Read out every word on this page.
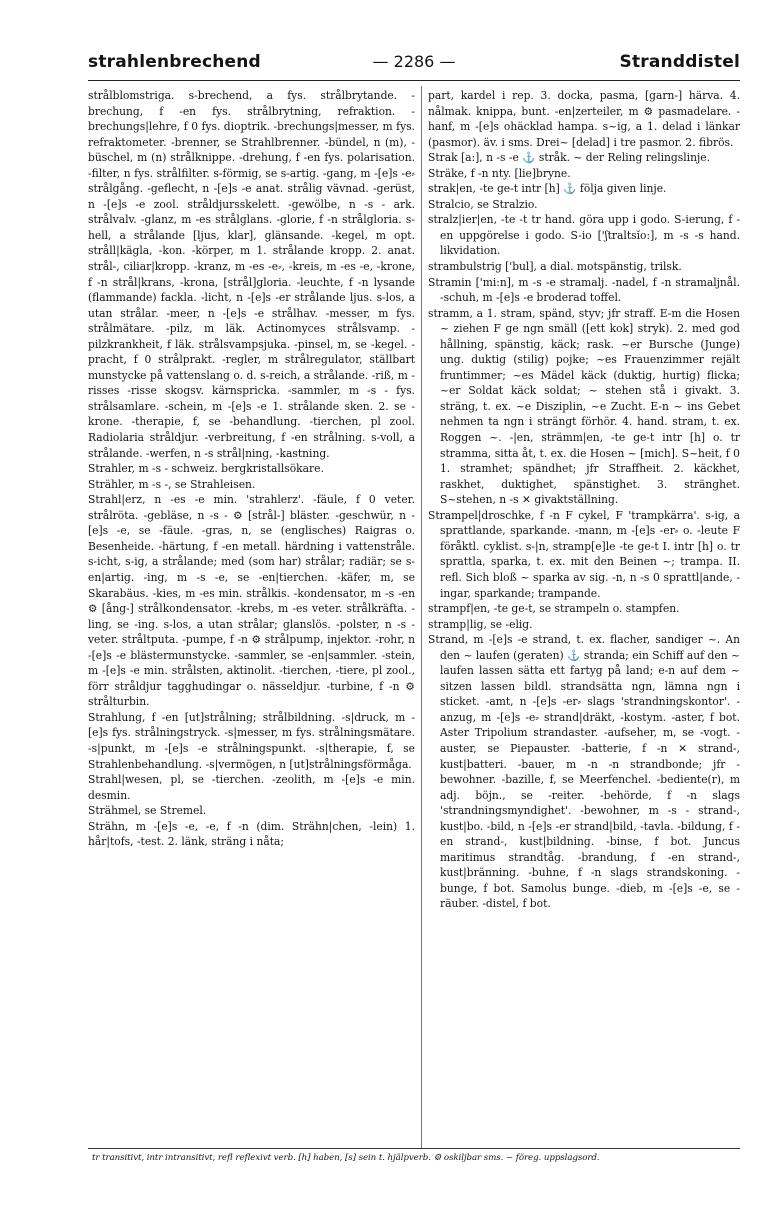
strahlenbrechend	— 2286 —	Stranddistel

strålblomstriga. s-brechend, a fys. strålbrytande. -brechung, f -en fys. strålbrytning, refraktion. -brechungs|lehre, f 0 fys. dioptrik. -brechungs|messer, m fys. refraktometer. -brenner, se Strahlbrenner. -bündel, n (m), -büschel, m (n) strålknippe. -drehung, f -en fys. polarisation. -filter, n fys. strålfilter. s-förmig, se s-artig. -gang, m -[e]s -e⸗ strålgång. -geflecht, n -[e]s -e anat. strålig vävnad. -gerüst, n -[e]s -e zool. stråldjursskelett. -gewölbe, n -s - ark. strålvalv. -glanz, m -es strålglans. -glorie, f -n strålgloria. s-hell, a strålande [ljus, klar], glänsande. -kegel, m opt. stråll|kägla, -kon. -körper, m 1. strålande kropp. 2. anat. strål-, ciliar|kropp. -kranz, m -es -e⸗, -kreis, m -es -e, -krone, f -n strål|krans, -krona, [strål]gloria. -leuchte, f -n lysande (flammande) fackla. -licht, n -[e]s -er strålande ljus. s-los, a utan strålar. -meer, n -[e]s -e strålhav. -messer, m fys. strålmätare. -pilz, m läk. Actinomyces strålsvamp. -pilzkrankheit, f läk. strålsvampsjuka. -pinsel, m, se -kegel. -pracht, f 0 strålprakt. -regler, m strålregulator, ställbart munstycke på vattenslang o. d. s-reich, a strålande. -riß, m -risses -risse skogsv. kärnspricka. -sammler, m -s - fys. strålsamlare. -schein, m -[e]s -e 1. strålande sken. 2. se -krone. -therapie, f, se -behandlung. -tierchen, pl zool. Radiolaria stråldjur. -verbreitung, f -en strålning. s-voll, a strålande. -werfen, n -s strål|ning, -kastning.

Strahler, m -s - schweiz. bergkristallsökare.

Strähler, m -s -, se Strahleisen.

Strahl|erz, n -es -e min. 'strahlerz'. -fäule, f 0 veter. strålröta. -gebläse, n -s - ⚙ [strål-] bläster. -geschwür, n -[e]s -e, se -fäule. -gras, n, se (englisches) Raigras o. Besenheide. -härtung, f -en metall. härdning i vattenstråle. s-icht, s-ig, a strålande; med (som har) strålar; radiär; se s-en|artig. -ing, m -s -e, se -en|tierchen. -käfer, m, se Skarabäus. -kies, m -es min. strålkis. -kondensator, m -s -en ⚙ [ång-] strålkondensator. -krebs, m -es veter. strålkräfta. -ling, se -ing. s-los, a utan strålar; glanslös. -polster, n -s - veter. stråltputa. -pumpe, f -n ⚙ strålpump, injektor. -rohr, n -[e]s -e blästermunstycke. -sammler, se -en|sammler. -stein, m -[e]s -e min. strålsten, aktinolit. -tierchen, -tiere, pl zool., förr stråldjur tagghudingar o. nässeldjur. -turbine, f -n ⚙ strålturbin.

Strahlung, f -en [ut]strålning; strålbildning. -s|druck, m -[e]s fys. strålningstryck. -s|messer, m fys. strålningsmätare. -s|punkt, m -[e]s -e strålningspunkt. -s|therapie, f, se Strahlenbehandlung. -s|vermögen, n [ut]strålningsförmåga.

Strahl|wesen, pl, se -tierchen. -zeolith, m -[e]s -e min. desmin.

Strähmel, se Stremel.

Strähn, m -[e]s -e, -e, f -n (dim. Strähn|chen, -lein) 1. hår|tofs, -test. 2. länk, sträng i nåta;

part, kardel i rep. 3. docka, pasma, [garn-] härva. 4. nålmak. knippa, bunt. -en|zerteiler, m ⚙ pasmadelare. -hanf, m -[e]s ohäcklad hampa. s~ig, a 1. delad i länkar (pasmor). äv. i sms. Drei~ [delad] i tre pasmor. 2. fibrös.

Strak [a:], n -s -e ⚓ stråk. ~ der Reling relingslinje.

Sträke, f -n nty. [lie]bryne.

strak|en, -te ge-t intr [h] ⚓ följa given linje.

Stralcio, se Stralzio.

stralz|ier|en, -te -t tr hand. göra upp i godo. S-ierung, f -en uppgörelse i godo. S-io ['ʃtraltsĭo:], m -s -s hand. likvidation.

strambulstrig ['bul], a dial. motspänstig, trilsk.

Stramin ['mi:n], m -s -e stramalj. -nadel, f -n stramaljnål. -schuh, m -[e]s -e broderad toffel.

stramm, a 1. stram, spänd, styv; jfr straff. E-m die Hosen ~ ziehen F ge ngn smäll ([ett kok] stryk). 2. med god hållning, spänstig, käck; rask. ~er Bursche (Junge) ung. duktig (stilig) pojke; ~es Frauenzimmer rejält fruntimmer; ~es Mädel käck (duktig, hurtig) flicka; ~er Soldat käck soldat; ~ stehen stå i givakt. 3. sträng, t. ex. ~e Disziplin, ~e Zucht. E-n ~ ins Gebet nehmen ta ngn i strängt förhör. 4. hand. stram, t. ex. Roggen ~. -|en, strämm|en, -te ge-t intr [h] o. tr stramma, sitta åt, t. ex. die Hosen ~ [mich]. S~heit, f 0 1. stramhet; spändhet; jfr Straffheit. 2. käckhet, raskhet, duktighet, spänstighet. 3. stränghet. S~stehen, n -s ✕ givaktställning.

Strampel|droschke, f -n F cykel, F 'trampkärra'. s-ig, a sprattlande, sparkande. -mann, m -[e]s -er⸗ o. -leute F föråktl. cyklist. s-|n, stramp[e]le -te ge-t I. intr [h] o. tr sprattla, sparka, t. ex. mit den Beinen ~; trampa. II. refl. Sich bloß ~ sparka av sig. -n, n -s 0 sprattl|ande, -ingar, sparkande; trampande.

strampf|en, -te ge-t, se strampeln o. stampfen.

stramp|lig, se -elig.

Strand, m -[e]s -e strand, t. ex. flacher, sandiger ~. An den ~ laufen (geraten) ⚓ stranda; ein Schiff auf den ~ laufen lassen sätta ett fartyg på land; e-n auf dem ~ sitzen lassen bildl. strandsätta ngn, lämna ngn i sticket. -amt, n -[e]s -er⸗ slags 'strandningskontor'. -anzug, m -[e]s -e⸗ strand|dräkt, -kostym. -aster, f bot. Aster Tripolium strandaster. -aufseher, m, se -vogt. -auster, se Piepauster. -batterie, f -n ✕ strand-, kust|batteri. -bauer, m -n -n strandbonde; jfr -bewohner. -bazille, f, se Meerfenchel. -bediente(r), m adj. böjn., se -reiter. -behörde, f -n slags 'strandningsmyndighet'. -bewohner, m -s - strand-, kust|bo. -bild, n -[e]s -er strand|bild, -tavla. -bildung, f -en strand-, kust|bildning. -binse, f bot. Juncus maritimus strandtåg. -brandung, f -en strand-, kust|bränning. -buhne, f -n slags strandskoning. -bunge, f bot. Samolus bunge. -dieb, m -[e]s -e, se -räuber. -distel, f bot.

tr transitivt, intr intransitivt, refl reflexivt verb. [h] haben, [s] sein t. hjälpverb. ⚙ oskiljbar sms. ~ föreg. uppslagsord.
